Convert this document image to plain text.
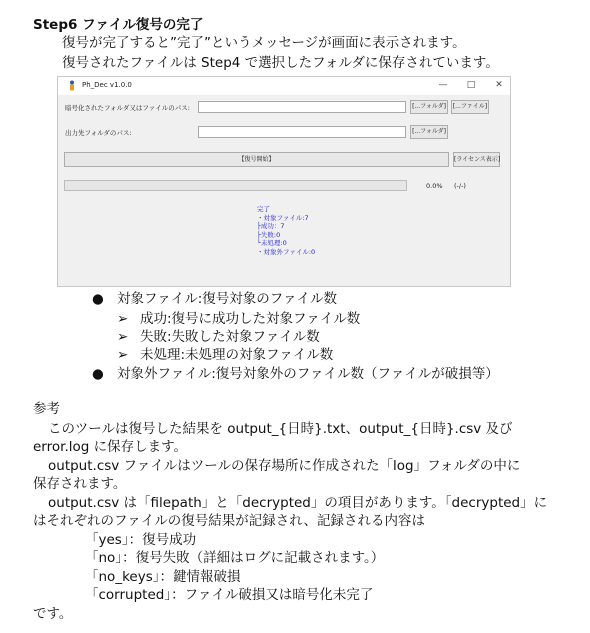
Step6 ファイル復号の完了
復号が完了すると”完了”というメッセージが画面に表示されます。
復号されたファイルは Step4 で選択したフォルダに保存されています。
Ph_Dec v1.0.0	—	□	✕
暗号化されたフォルダ又はファイルのパス:	[...フォルダ]	[...ファイル]
出力先フォルダのパス:	[...フォルダ]
【復号開始】	[ライセンス表示]
0.0% (-/-)
完了
・対象ファイル:7
├成功：7
├失敗:0
└未処理:0
・対象外ファイル:0
● 対象ファイル:復号対象のファイル数
➢ 成功:復号に成功した対象ファイル数
➢ 失敗:失敗した対象ファイル数
➢ 未処理:未処理の対象ファイル数
● 対象外ファイル:復号対象外のファイル数（ファイルが破損等）
参考
このツールは復号した結果を output_{日時}.txt、output_{日時}.csv 及び
error.log に保存します。
output.csv ファイルはツールの保存場所に作成された「log」フォルダの中に
保存されます。
output.csv は「filepath」と「decrypted」の項目があります。「decrypted」に
はそれぞれのファイルの復号結果が記録され、記録される内容は
「yes」：復号成功
「no」：復号失敗（詳細はログに記載されます。）
「no_keys」：鍵情報破損
「corrupted」：ファイル破損又は暗号化未完了
です。
